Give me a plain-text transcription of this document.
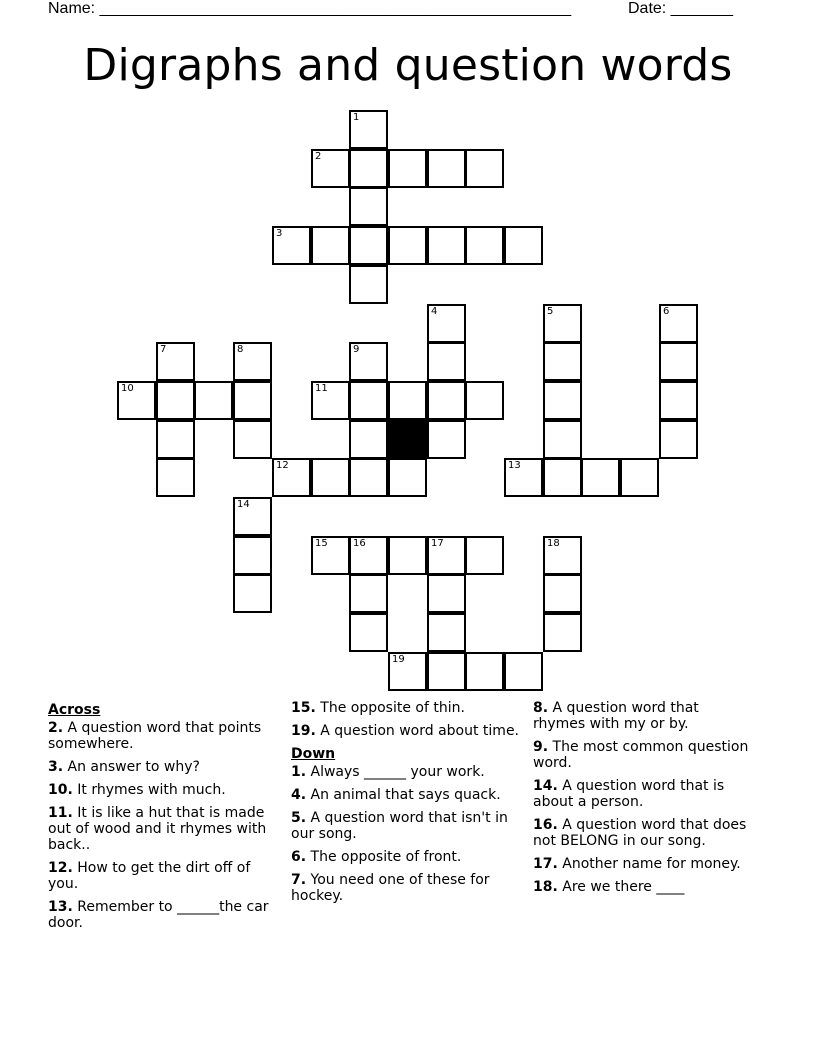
Name: _____________________________________________________	Date: _______
Digraphs and question words
1
2
3
4	5	6
7	8	9
10	11
12	13
14
15	16	17	18
19
Across
2. A question word that points somewhere.
3. An answer to why?
10. It rhymes with much.
11. It is like a hut that is made out of wood and it rhymes with back..
12. How to get the dirt off of you.
13. Remember to ______the car door.
15. The opposite of thin.
19. A question word about time.
Down
1. Always ______ your work.
4. An animal that says quack.
5. A question word that isn't in our song.
6. The opposite of front.
7. You need one of these for hockey.
8. A question word that rhymes with my or by.
9. The most common question word.
14. A question word that is about a person.
16. A question word that does not BELONG in our song.
17. Another name for money.
18. Are we there ____
